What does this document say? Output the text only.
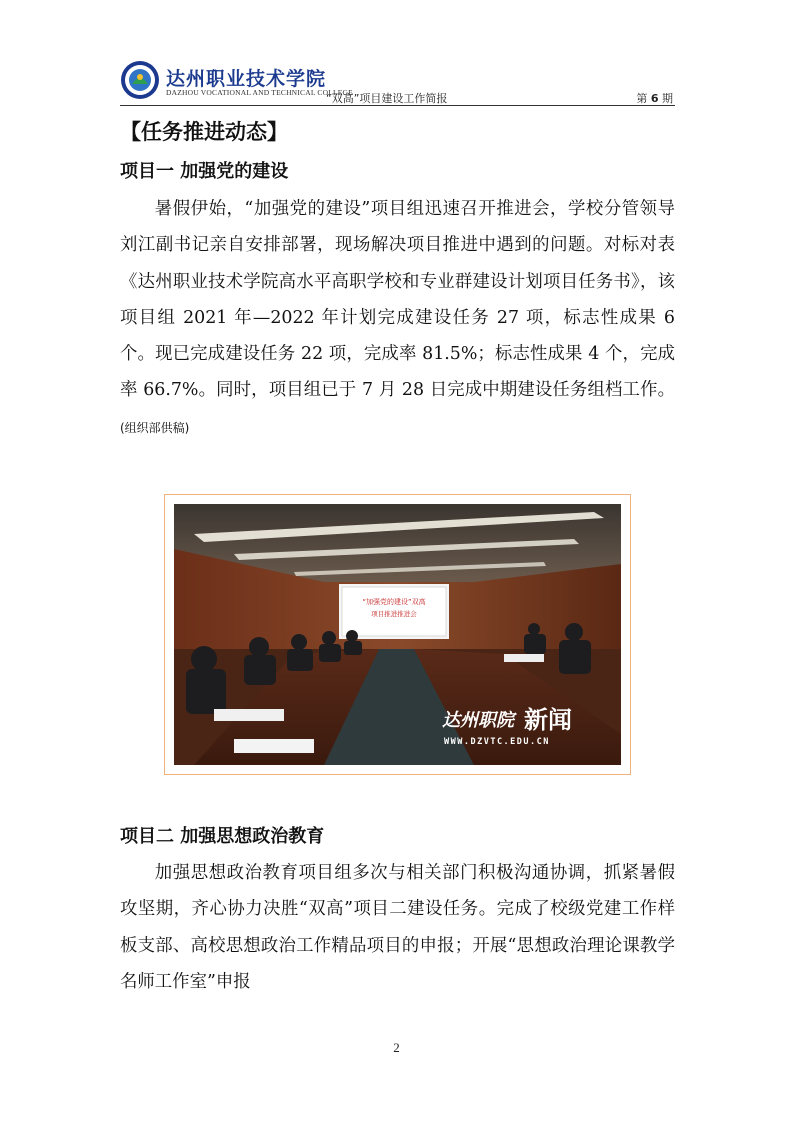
达州职业技术学院
DAZHOU VOCATIONAL AND TECHNICAL COLLEGE
“双高”项目建设工作简报	第 6 期
【任务推进动态】
项目一 加强党的建设
暑假伊始，“加强党的建设”项目组迅速召开推进会，学校分管领导刘江副书记亲自安排部署，现场解决项目推进中遇到的问题。对标对表《达州职业技术学院高水平高职学校和专业群建设计划项目任务书》，该项目组 2021 年—2022 年计划完成建设任务 27 项，标志性成果 6 个。现已完成建设任务 22 项，完成率 81.5%；标志性成果 4 个，完成率 66.7%。同时，项目组已于 7 月 28 日完成中期建设任务组档工作。(组织部供稿)
“加强党的建设”双高
项目推进推进会
达州职院 新闻
WWW.DZVTC.EDU.CN
项目二 加强思想政治教育
加强思想政治教育项目组多次与相关部门积极沟通协调，抓紧暑假攻坚期，齐心协力决胜“双高”项目二建设任务。完成了校级党建工作样板支部、高校思想政治工作精品项目的申报；开展“思想政治理论课教学名师工作室”申报
2
